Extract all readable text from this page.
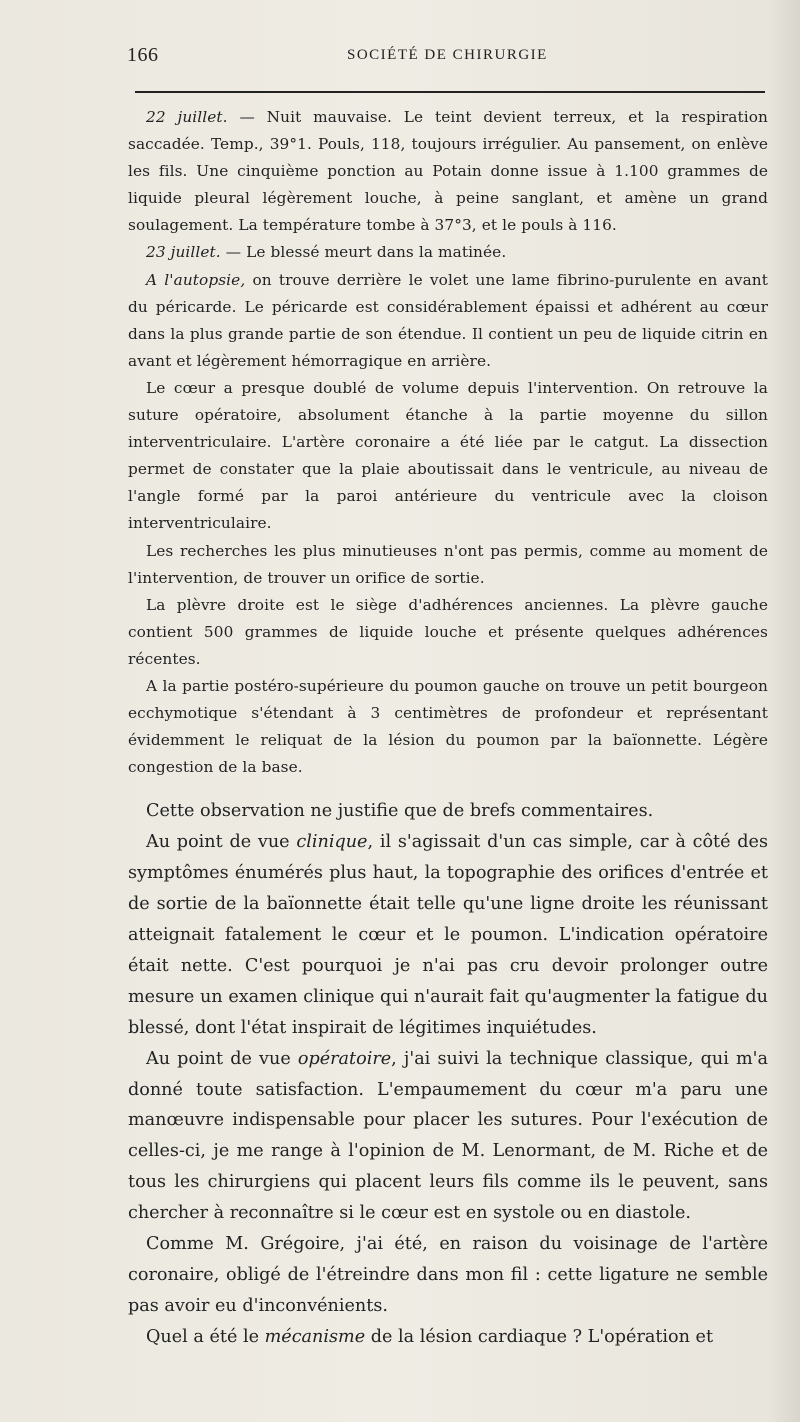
166	SOCIÉTÉ DE CHIRURGIE

22 juillet. — Nuit mauvaise. Le teint devient terreux, et la respiration saccadée. Temp., 39°1. Pouls, 118, toujours irrégulier. Au pansement, on enlève les fils. Une cinquième ponction au Potain donne issue à 1.100 grammes de liquide pleural légèrement louche, à peine sanglant, et amène un grand soulagement. La température tombe à 37°3, et le pouls à 116.

23 juillet. — Le blessé meurt dans la matinée.

A l'autopsie, on trouve derrière le volet une lame fibrino-purulente en avant du péricarde. Le péricarde est considérablement épaissi et adhérent au cœur dans la plus grande partie de son étendue. Il contient un peu de liquide citrin en avant et légèrement hémorragique en arrière.

Le cœur a presque doublé de volume depuis l'intervention. On retrouve la suture opératoire, absolument étanche à la partie moyenne du sillon interventriculaire. L'artère coronaire a été liée par le catgut. La dissection permet de constater que la plaie aboutissait dans le ventricule, au niveau de l'angle formé par la paroi antérieure du ventricule avec la cloison interventriculaire.

Les recherches les plus minutieuses n'ont pas permis, comme au moment de l'intervention, de trouver un orifice de sortie.

La plèvre droite est le siège d'adhérences anciennes. La plèvre gauche contient 500 grammes de liquide louche et présente quelques adhérences récentes.

A la partie postéro-supérieure du poumon gauche on trouve un petit bourgeon ecchymotique s'étendant à 3 centimètres de profondeur et représentant évidemment le reliquat de la lésion du poumon par la baïonnette. Légère congestion de la base.

Cette observation ne justifie que de brefs commentaires.

Au point de vue clinique, il s'agissait d'un cas simple, car à côté des symptômes énumérés plus haut, la topographie des orifices d'entrée et de sortie de la baïonnette était telle qu'une ligne droite les réunissant atteignait fatalement le cœur et le poumon. L'indication opératoire était nette. C'est pourquoi je n'ai pas cru devoir prolonger outre mesure un examen clinique qui n'aurait fait qu'augmenter la fatigue du blessé, dont l'état inspirait de légitimes inquiétudes.

Au point de vue opératoire, j'ai suivi la technique classique, qui m'a donné toute satisfaction. L'empaumement du cœur m'a paru une manœuvre indispensable pour placer les sutures. Pour l'exécution de celles-ci, je me range à l'opinion de M. Lenormant, de M. Riche et de tous les chirurgiens qui placent leurs fils comme ils le peuvent, sans chercher à reconnaître si le cœur est en systole ou en diastole.

Comme M. Grégoire, j'ai été, en raison du voisinage de l'artère coronaire, obligé de l'étreindre dans mon fil : cette ligature ne semble pas avoir eu d'inconvénients.

Quel a été le mécanisme de la lésion cardiaque ? L'opération et
